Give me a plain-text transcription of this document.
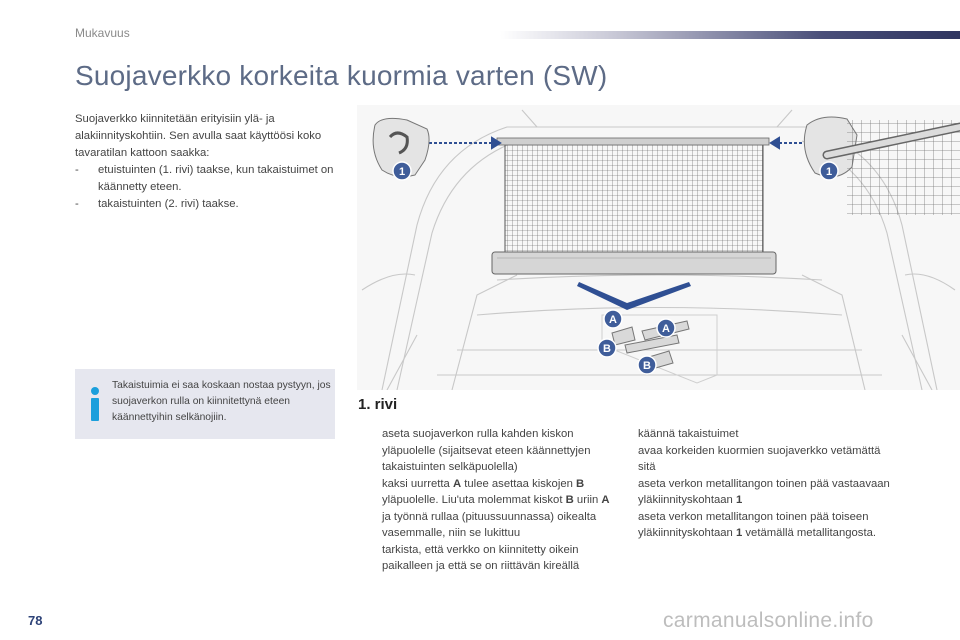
Mukavuus
Suojaverkko korkeita kuormia varten (SW)

Suojaverkko kiinnitetään erityisiin ylä- ja alakiinnityskohtiin. Sen avulla saat käyttöösi koko tavaratilan kattoon saakka:

- etuistuinten (1. rivi) taakse, kun takaistuimet on käännetty eteen.
- takaistuinten (2. rivi) taakse.
Takaistuimia ei saa koskaan nostaa pystyyn, jos suojaverkon rulla on kiinnitettynä eteen käännettyihin selkänojiin.
1	1
A
A
B
B
1. rivi
aseta suojaverkon rulla kahden kiskon yläpuolelle (sijaitsevat eteen käännettyjen takaistuinten selkäpuolella)
kaksi uurretta A tulee asettaa kiskojen B yläpuolelle. Liu'uta molemmat kiskot B uriin A ja työnnä rullaa (pituussuunnassa) oikealta vasemmalle, niin se lukittuu
tarkista, että verkko on kiinnitetty oikein paikalleen ja että se on riittävän kireällä
käännä takaistuimet
avaa korkeiden kuormien suojaverkko vetämättä sitä
aseta verkon metallitangon toinen pää vastaavaan yläkiinnityskohtaan 1
aseta verkon metallitangon toinen pää toiseen yläkiinnityskohtaan 1 vetämällä metallitangosta.
78	carmanualsonline.info
